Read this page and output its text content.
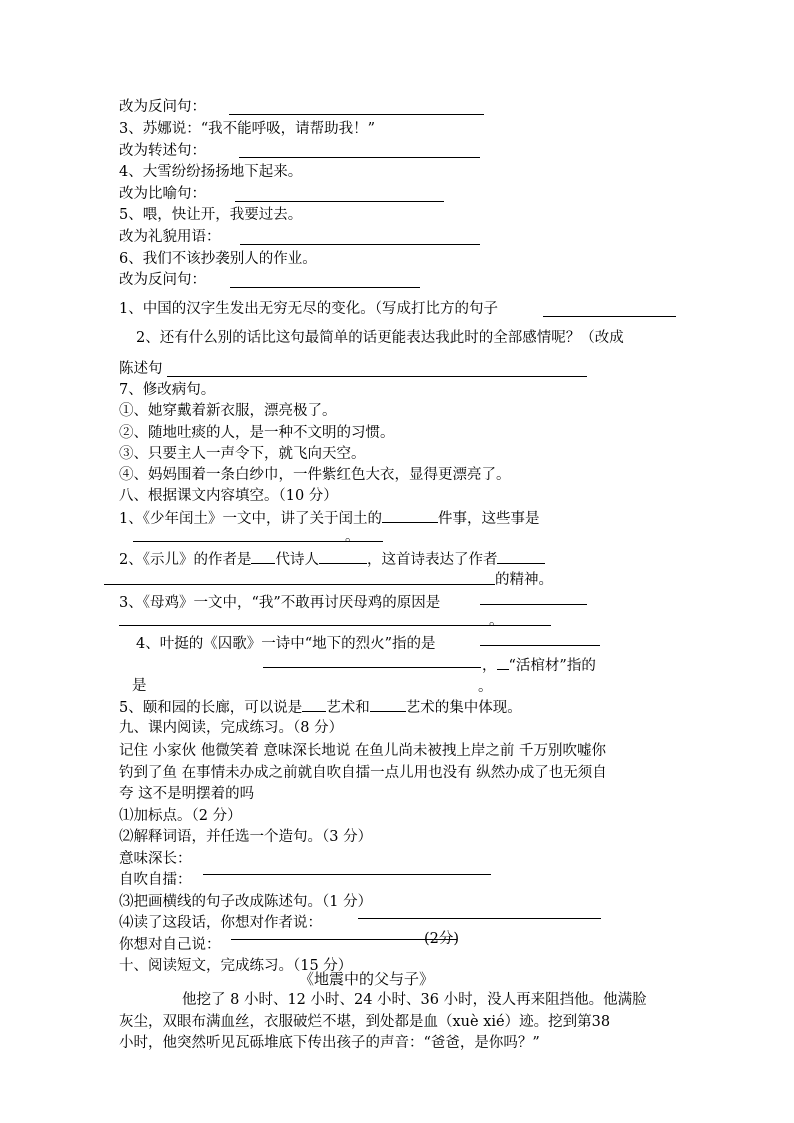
改为反问句：
3、苏娜说：“我不能呼吸，请帮助我！”
改为转述句：
4、大雪纷纷扬扬地下起来。
改为比喻句：
5、喂，快让开，我要过去。
改为礼貌用语：
6、我们不该抄袭别人的作业。
改为反问句：
1、中国的汉字生发出无穷无尽的变化。（写成打比方的句子
2、还有什么别的话比这句最简单的话更能表达我此时的全部感情呢？（改成
陈述句
7、修改病句。
①、她穿戴着新衣服，漂亮极了。
②、随地吐痰的人，是一种不文明的习惯。
③、只要主人一声令下，就飞向天空。
④、妈妈围着一条白纱巾，一件紫红色大衣，显得更漂亮了。
八、根据课文内容填空。（10 分）
1、《少年闰土》一文中，讲了关于闰土的	件事，这些事是
。
2、《示儿》的作者是 代诗人	，这首诗表达了作者
的精神。
3、《母鸡》一文中，“我”不敢再讨厌母鸡的原因是
。
4、叶挺的《囚歌》一诗中“地下的烈火”指的是
， “活棺材”指的
是	。
5、颐和园的长廊，可以说是 艺术和 艺术的集中体现。
九、课内阅读，完成练习。（8 分）
记住 小家伙 他微笑着 意味深长地说 在鱼儿尚未被拽上岸之前 千万别吹嘘你
钓到了鱼 在事情未办成之前就自吹自擂一点儿用也没有 纵然办成了也无须自
夸 这不是明摆着的吗
⑴加标点。（2 分）
⑵解释词语，并任选一个造句。（3 分）
意味深长：
自吹自擂：
⑶把画横线的句子改成陈述句。（1 分）
⑷读了这段话，你想对作者说：
你想对自己说：	(2分)
十、阅读短文，完成练习。（15 分）
《地震中的父与子》
他挖了 8 小时、12 小时、24 小时、36 小时，没人再来阻挡他。他满脸
灰尘，双眼布满血丝，衣服破烂不堪，到处都是血（xuè xié）迹。挖到第38
小时，他突然听见瓦砾堆底下传出孩子的声音：“爸爸，是你吗？”
